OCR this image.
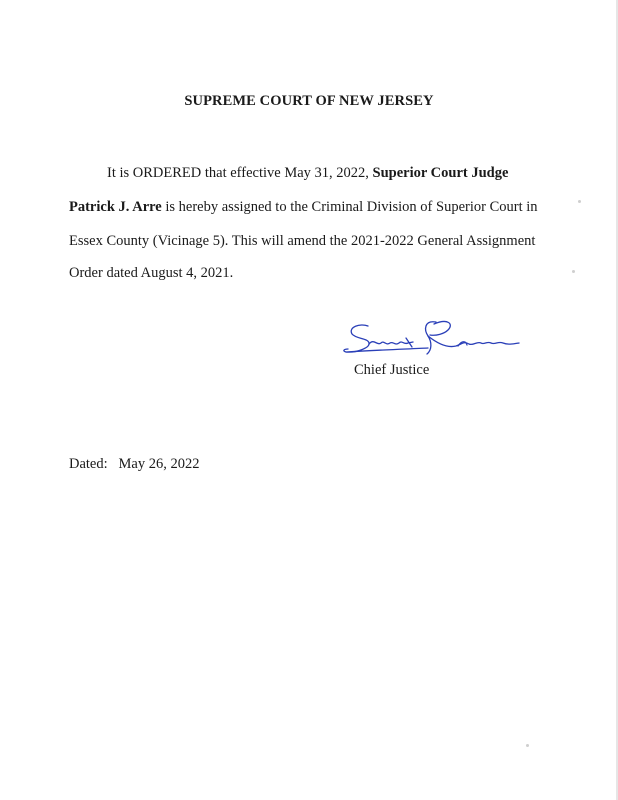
SUPREME COURT OF NEW JERSEY
It is ORDERED that effective May 31, 2022, Superior Court Judge
Patrick J. Arre is hereby assigned to the Criminal Division of Superior Court in
Essex County (Vicinage 5). This will amend the 2021-2022 General Assignment
Order dated August 4, 2021.
Chief Justice
Dated:   May 26, 2022
